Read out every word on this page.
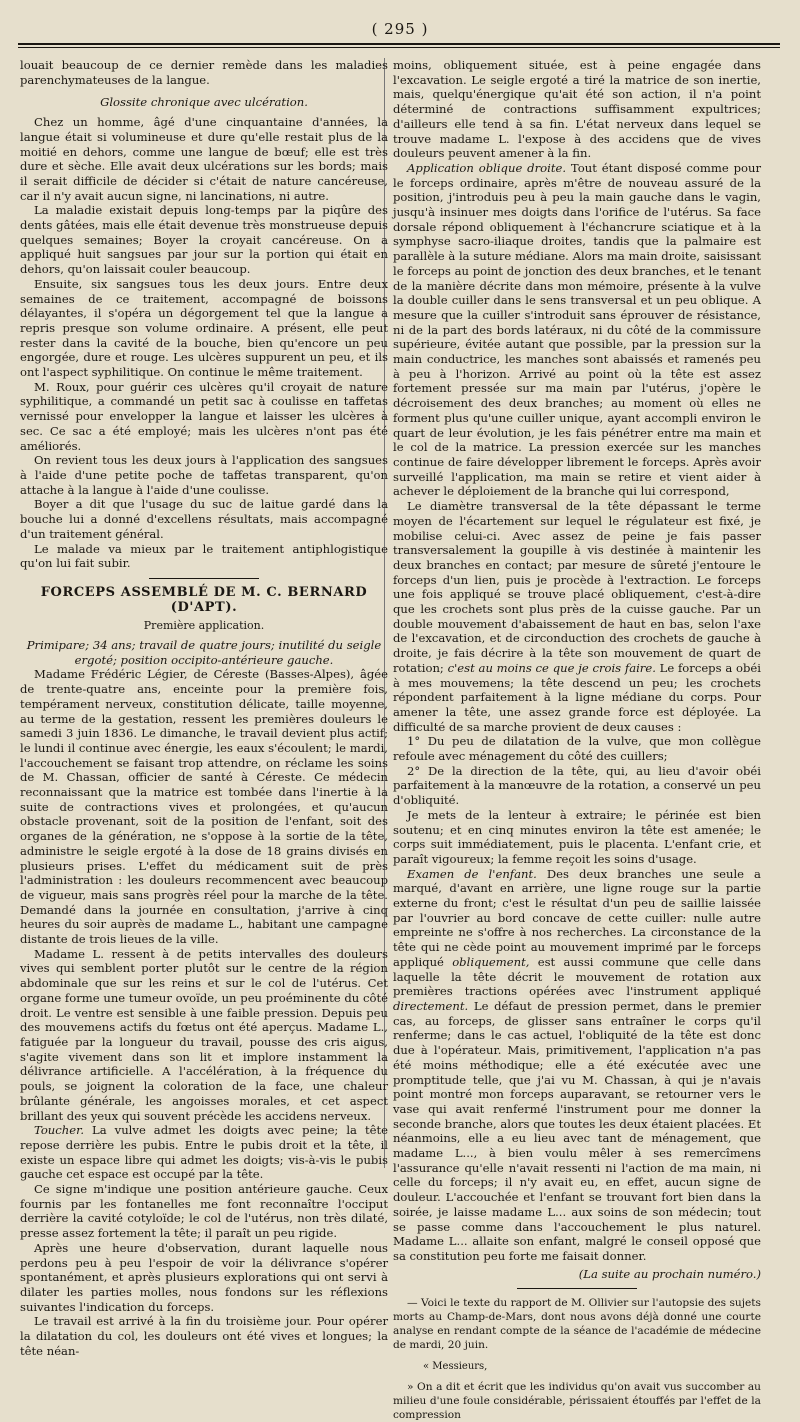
( 295 )

louait beaucoup de ce dernier remède dans les maladies parenchymateuses de la langue.

Glossite chronique avec ulcération.

Chez un homme, âgé d'une cinquantaine d'années, la langue était si volumineuse et dure qu'elle restait plus de la moitié en dehors, comme une langue de bœuf; elle est très dure et sèche. Elle avait deux ulcérations sur les bords; mais il serait difficile de décider si c'était de nature cancéreuse, car il n'y avait aucun signe, ni lancinations, ni autre.

La maladie existait depuis long-temps par la piqûre des dents gâtées, mais elle était devenue très monstrueuse depuis quelques semaines; Boyer la croyait cancéreuse. On a appliqué huit sangsues par jour sur la portion qui était en dehors, qu'on laissait couler beaucoup.

Ensuite, six sangsues tous les deux jours. Entre deux semaines de ce traitement, accompagné de boissons délayantes, il s'opéra un dégorgement tel que la langue a repris presque son volume ordinaire. A présent, elle peut rester dans la cavité de la bouche, bien qu'encore un peu engorgée, dure et rouge. Les ulcères suppurent un peu, et ils ont l'aspect syphilitique. On continue le même traitement.

M. Roux, pour guérir ces ulcères qu'il croyait de nature syphilitique, a commandé un petit sac à coulisse en taffetas vernissé pour envelopper la langue et laisser les ulcères à sec. Ce sac a été employé; mais les ulcères n'ont pas été améliorés.

On revient tous les deux jours à l'application des sangsues à l'aide d'une petite poche de taffetas transparent, qu'on attache à la langue à l'aide d'une coulisse.

Boyer a dit que l'usage du suc de laitue gardé dans la bouche lui a donné d'excellens résultats, mais accompagné d'un traitement général.

Le malade va mieux par le traitement antiphlogistique qu'on lui fait subir.

FORCEPS ASSEMBLÉ DE M. C. BERNARD (D'APT).

Première application.

Primipare; 34 ans; travail de quatre jours; inutilité du seigle ergoté; position occipito-antérieure gauche.

Madame Frédéric Légier, de Céreste (Basses-Alpes), âgée de trente-quatre ans, enceinte pour la première fois, tempérament nerveux, constitution délicate, taille moyenne, au terme de la gestation, ressent les premières douleurs le samedi 3 juin 1836. Le dimanche, le travail devient plus actif; le lundi il continue avec énergie, les eaux s'écoulent; le mardi, l'accouchement se faisant trop attendre, on réclame les soins de M. Chassan, officier de santé à Céreste. Ce médecin reconnaissant que la matrice est tombée dans l'inertie à la suite de contractions vives et prolongées, et qu'aucun obstacle provenant, soit de la position de l'enfant, soit des organes de la génération, ne s'oppose à la sortie de la tête, administre le seigle ergoté à la dose de 18 grains divisés en plusieurs prises. L'effet du médicament suit de près l'administration : les douleurs recommencent avec beaucoup de vigueur, mais sans progrès réel pour la marche de la tête. Demandé dans la journée en consultation, j'arrive à cinq heures du soir auprès de madame L., habitant une campagne distante de trois lieues de la ville.

Madame L. ressent à de petits intervalles des douleurs vives qui semblent porter plutôt sur le centre de la région abdominale que sur les reins et sur le col de l'utérus. Cet organe forme une tumeur ovoïde, un peu proéminente du côté droit. Le ventre est sensible à une faible pression. Depuis peu des mouvemens actifs du fœtus ont été aperçus. Madame L., fatiguée par la longueur du travail, pousse des cris aigus, s'agite vivement dans son lit et implore instamment la délivrance artificielle. A l'accélération, à la fréquence du pouls, se joignent la coloration de la face, une chaleur brûlante générale, les angoisses morales, et cet aspect brillant des yeux qui souvent précède les accidens nerveux.

Toucher. La vulve admet les doigts avec peine; la tête repose derrière les pubis. Entre le pubis droit et la tête, il existe un espace libre qui admet les doigts; vis-à-vis le pubis gauche cet espace est occupé par la tête.

Ce signe m'indique une position antérieure gauche. Ceux fournis par les fontanelles me font reconnaître l'occiput derrière la cavité cotyloïde; le col de l'utérus, non très dilaté, presse assez fortement la tête; il paraît un peu rigide.

Après une heure d'observation, durant laquelle nous perdons peu à peu l'espoir de voir la délivrance s'opérer spontanément, et après plusieurs explorations qui ont servi à dilater les parties molles, nous fondons sur les réflexions suivantes l'indication du forceps.

Le travail est arrivé à la fin du troisième jour. Pour opérer la dilatation du col, les douleurs ont été vives et longues; la tête néan-

moins, obliquement située, est à peine engagée dans l'excavation. Le seigle ergoté a tiré la matrice de son inertie, mais, quelqu'énergique qu'ait été son action, il n'a point déterminé de contractions suffisamment expultrices; d'ailleurs elle tend à sa fin. L'état nerveux dans lequel se trouve madame L. l'expose à des accidens que de vives douleurs peuvent amener à la fin.

Application oblique droite. Tout étant disposé comme pour le forceps ordinaire, après m'être de nouveau assuré de la position, j'introduis peu à peu la main gauche dans le vagin, jusqu'à insinuer mes doigts dans l'orifice de l'utérus. Sa face dorsale répond obliquement à l'échancrure sciatique et à la symphyse sacro-iliaque droites, tandis que la palmaire est parallèle à la suture médiane. Alors ma main droite, saisissant le forceps au point de jonction des deux branches, et le tenant de la manière décrite dans mon mémoire, présente à la vulve la double cuiller dans le sens transversal et un peu oblique. A mesure que la cuiller s'introduit sans éprouver de résistance, ni de la part des bords latéraux, ni du côté de la commissure supérieure, évitée autant que possible, par la pression sur la main conductrice, les manches sont abaissés et ramenés peu à peu à l'horizon. Arrivé au point où la tête est assez fortement pressée sur ma main par l'utérus, j'opère le décroisement des deux branches; au moment où elles ne forment plus qu'une cuiller unique, ayant accompli environ le quart de leur évolution, je les fais pénétrer entre ma main et le col de la matrice. La pression exercée sur les manches continue de faire développer librement le forceps. Après avoir surveillé l'application, ma main se retire et vient aider à achever le déploiement de la branche qui lui correspond,

Le diamètre transversal de la tête dépassant le terme moyen de l'écartement sur lequel le régulateur est fixé, je mobilise celui-ci. Avec assez de peine je fais passer transversalement la goupille à vis destinée à maintenir les deux branches en contact; par mesure de sûreté j'entoure le forceps d'un lien, puis je procède à l'extraction. Le forceps une fois appliqué se trouve placé obliquement, c'est-à-dire que les crochets sont plus près de la cuisse gauche. Par un double mouvement d'abaissement de haut en bas, selon l'axe de l'excavation, et de circonduction des crochets de gauche à droite, je fais décrire à la tête son mouvement de quart de rotation; c'est au moins ce que je crois faire. Le forceps a obéi à mes mouvemens; la tête descend un peu; les crochets répondent parfaitement à la ligne médiane du corps. Pour amener la tête, une assez grande force est déployée. La difficulté de sa marche provient de deux causes :

1° Du peu de dilatation de la vulve, que mon collègue refoule avec ménagement du côté des cuillers;

2° De la direction de la tête, qui, au lieu d'avoir obéi parfaitement à la manœuvre de la rotation, a conservé un peu d'obliquité.

Je mets de la lenteur à extraire; le périnée est bien soutenu; et en cinq minutes environ la tête est amenée; le corps suit immédiatement, puis le placenta. L'enfant crie, et paraît vigoureux; la femme reçoit les soins d'usage.

Examen de l'enfant. Des deux branches une seule a marqué, d'avant en arrière, une ligne rouge sur la partie externe du front; c'est le résultat d'un peu de saillie laissée par l'ouvrier au bord concave de cette cuiller: nulle autre empreinte ne s'offre à nos recherches. La circonstance de la tête qui ne cède point au mouvement imprimé par le forceps appliqué obliquement, est aussi commune que celle dans laquelle la tête décrit le mouvement de rotation aux premières tractions opérées avec l'instrument appliqué directement. Le défaut de pression permet, dans le premier cas, au forceps, de glisser sans entraîner le corps qu'il renferme; dans le cas actuel, l'obliquité de la tête est donc due à l'opérateur. Mais, primitivement, l'application n'a pas été moins méthodique; elle a été exécutée avec une promptitude telle, que j'ai vu M. Chassan, à qui je n'avais point montré mon forceps auparavant, se retourner vers le vase qui avait renfermé l'instrument pour me donner la seconde branche, alors que toutes les deux étaient placées. Et néanmoins, elle a eu lieu avec tant de ménagement, que madame L..., à bien voulu mêler à ses remercîmens l'assurance qu'elle n'avait ressenti ni l'action de ma main, ni celle du forceps; il n'y avait eu, en effet, aucun signe de douleur. L'accouchée et l'enfant se trouvant fort bien dans la soirée, je laisse madame L... aux soins de son médecin; tout se passe comme dans l'accouchement le plus naturel. Madame L... allaite son enfant, malgré le conseil opposé que sa constitution peu forte me faisait donner.

(La suite au prochain numéro.)

— Voici le texte du rapport de M. Ollivier sur l'autopsie des sujets morts au Champ-de-Mars, dont nous avons déjà donné une courte analyse en rendant compte de la séance de l'académie de médecine de mardi, 20 juin.

« Messieurs,

» On a dit et écrit que les individus qu'on avait vus succomber au milieu d'une foule considérable, périssaient étouffés par l'effet de la compression
